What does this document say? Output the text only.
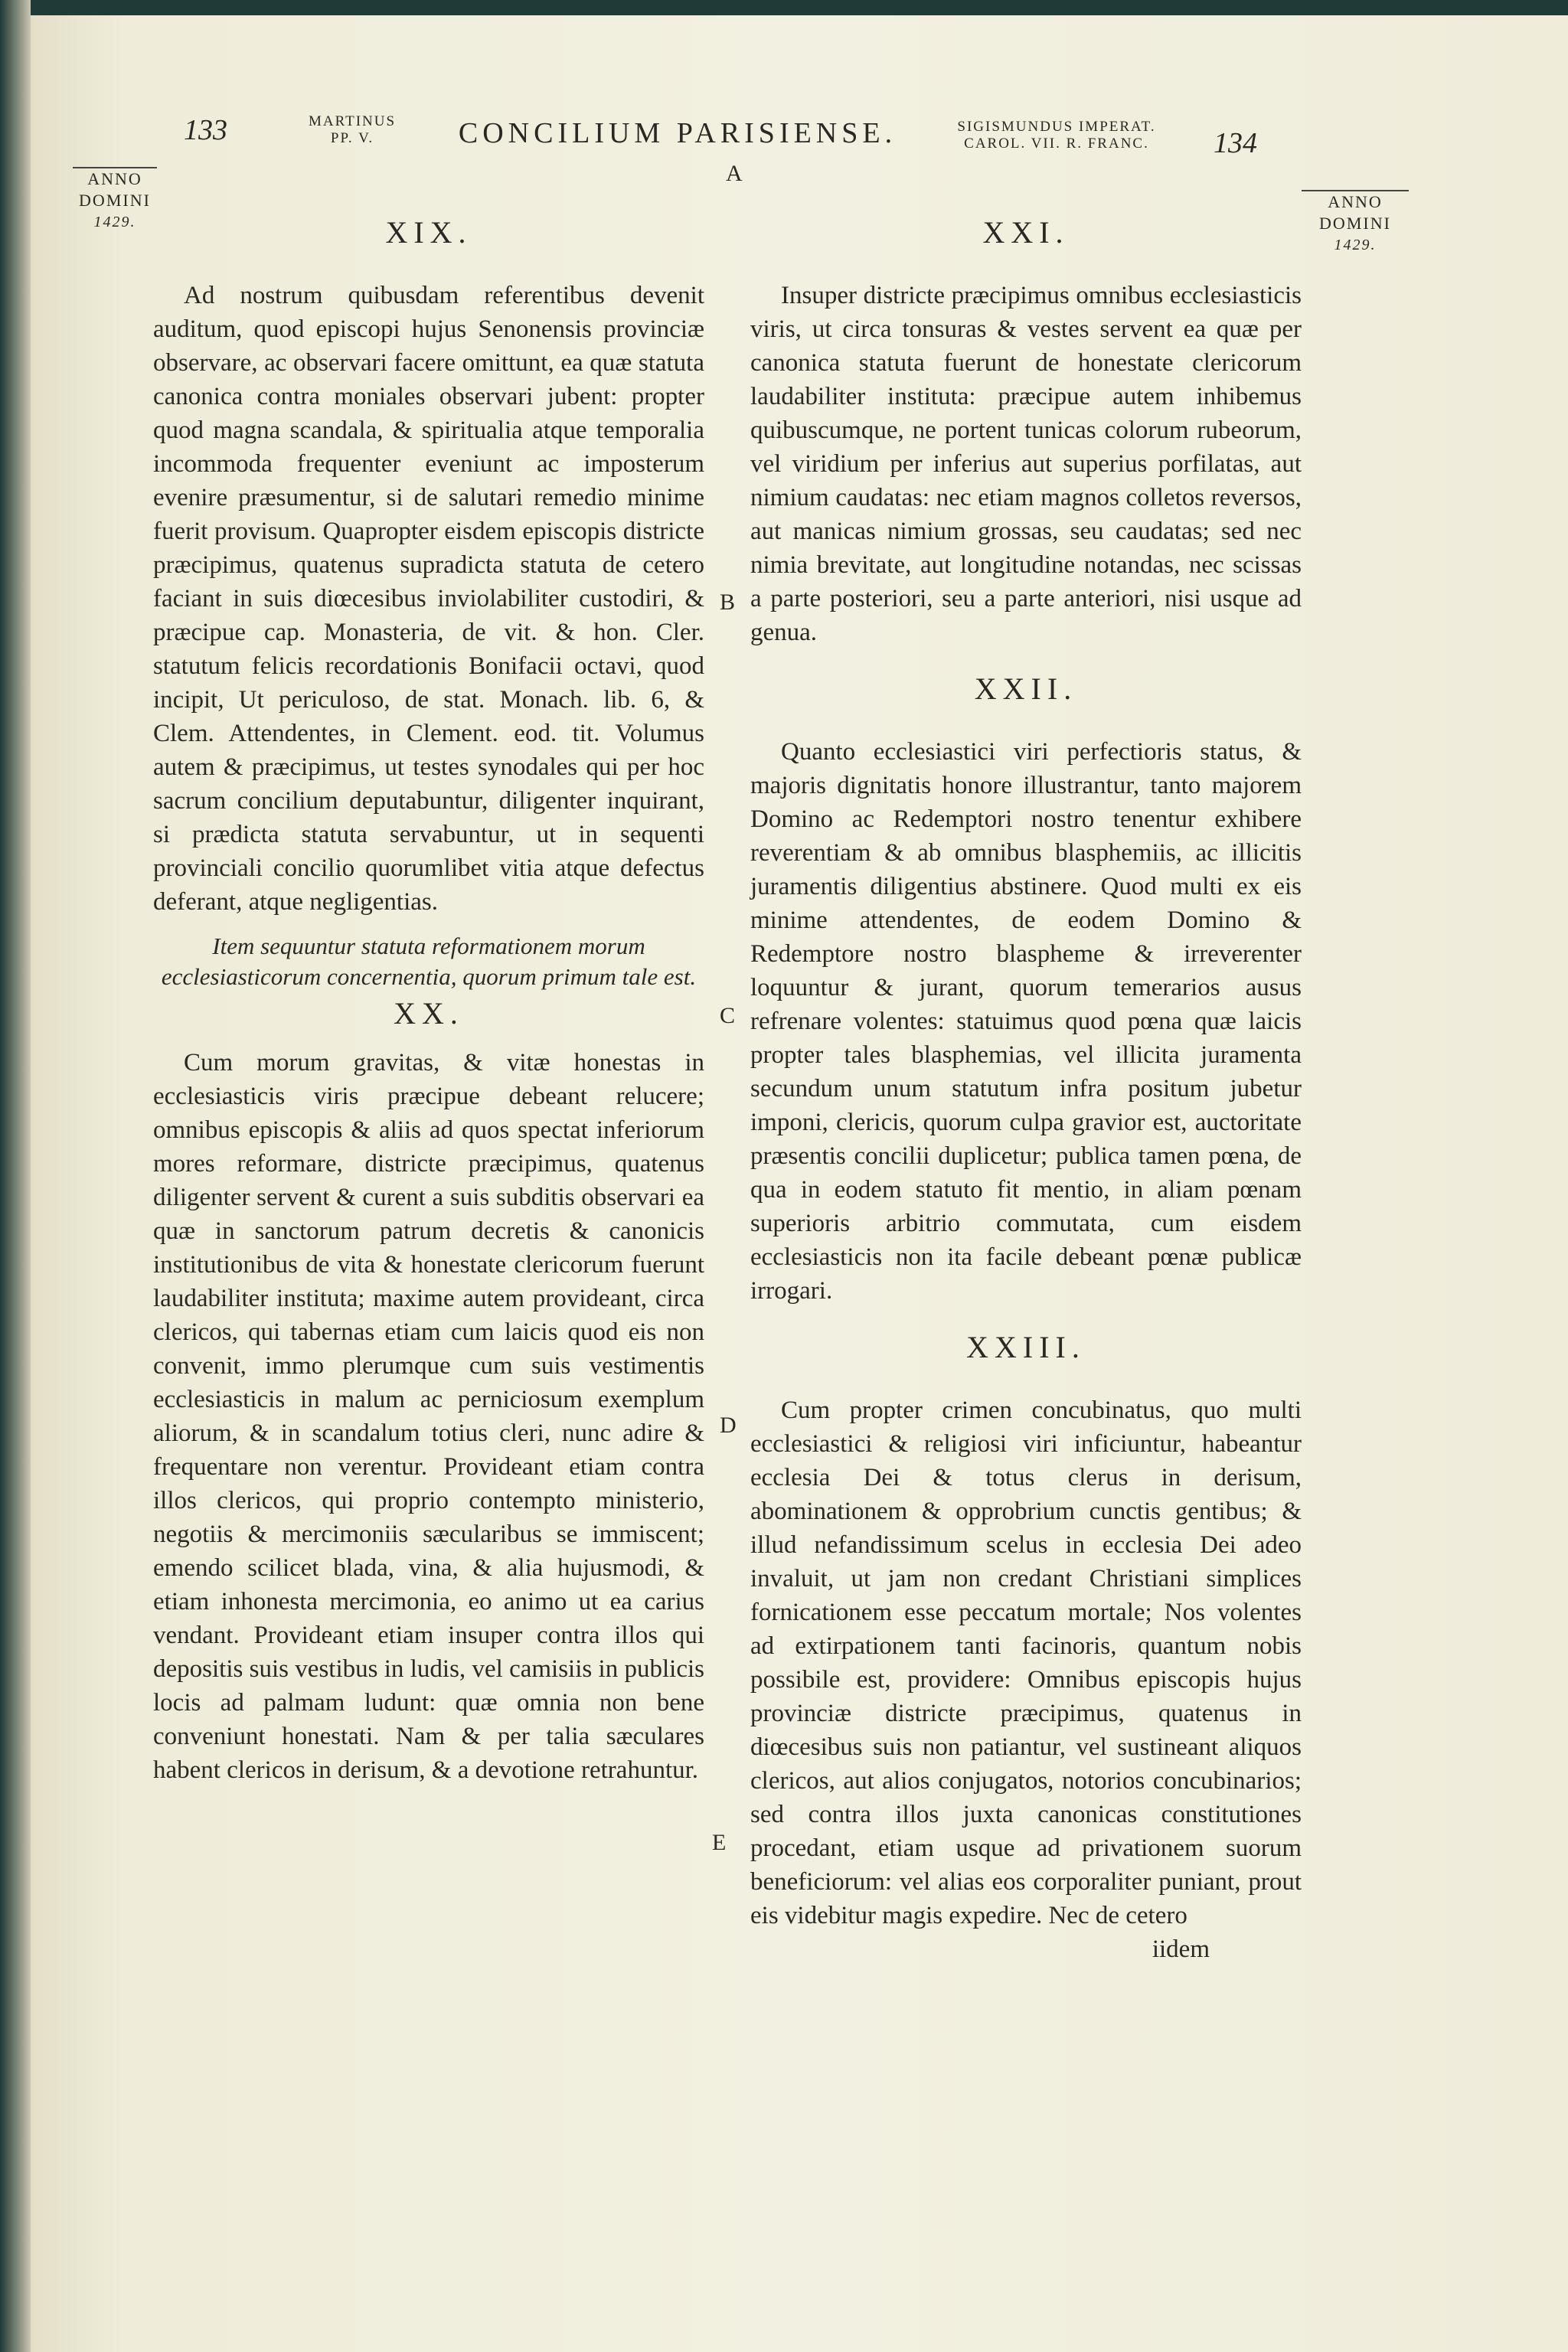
133	MARTINUS
PP. V.	CONCILIUM PARISIENSE.	SIGISMUNDUS IMPERAT.
CAROL. VII. R. FRANC.	134
A
ANNO
DOMINI
1429.
ANNO
DOMINI
1429.
B
C
D
E
XIX.

Ad nostrum quibusdam referentibus devenit auditum, quod episcopi hujus Senonensis provinciæ observare, ac observari facere omittunt, ea quæ statuta canonica contra moniales observari jubent: propter quod magna scandala, & spiritualia atque temporalia incommoda frequenter eveniunt ac imposterum evenire præsumentur, si de salutari remedio minime fuerit provisum. Quapropter eisdem episcopis districte præcipimus, quatenus supradicta statuta de cetero faciant in suis diœcesibus inviolabiliter custodiri, & præcipue cap. Monasteria, de vit. & hon. Cler. statutum felicis recordationis Bonifacii octavi, quod incipit, Ut periculoso, de stat. Monach. lib. 6, & Clem. Attendentes, in Clement. eod. tit. Volumus autem & præcipimus, ut testes synodales qui per hoc sacrum concilium deputabuntur, diligenter inquirant, si prædicta statuta servabuntur, ut in sequenti provinciali concilio quorumlibet vitia atque defectus deferant, atque negligentias.

Item sequuntur statuta reformationem morum ecclesiasticorum concernentia, quorum primum tale est.
XX.

Cum morum gravitas, & vitæ honestas in ecclesiasticis viris præcipue debeant relucere; omnibus episcopis & aliis ad quos spectat inferiorum mores reformare, districte præcipimus, quatenus diligenter servent & curent a suis subditis observari ea quæ in sanctorum patrum decretis & canonicis institutionibus de vita & honestate clericorum fuerunt laudabiliter instituta; maxime autem provideant, circa clericos, qui tabernas etiam cum laicis quod eis non convenit, immo plerumque cum suis vestimentis ecclesiasticis in malum ac perniciosum exemplum aliorum, & in scandalum totius cleri, nunc adire & frequentare non verentur. Provideant etiam contra illos clericos, qui proprio contempto ministerio, negotiis & mercimoniis sæcularibus se immiscent; emendo scilicet blada, vina, & alia hujusmodi, & etiam inhonesta mercimonia, eo animo ut ea carius vendant. Provideant etiam insuper contra illos qui depositis suis vestibus in ludis, vel camisiis in publicis locis ad palmam ludunt: quæ omnia non bene conveniunt honestati. Nam & per talia sæculares habent clericos in derisum, & a devotione retrahuntur.

XXI.

Insuper districte præcipimus omnibus ecclesiasticis viris, ut circa tonsuras & vestes servent ea quæ per canonica statuta fuerunt de honestate clericorum laudabiliter instituta: præcipue autem inhibemus quibuscumque, ne portent tunicas colorum rubeorum, vel viridium per inferius aut superius porfilatas, aut nimium caudatas: nec etiam magnos colletos reversos, aut manicas nimium grossas, seu caudatas; sed nec nimia brevitate, aut longitudine notandas, nec scissas a parte posteriori, seu a parte anteriori, nisi usque ad genua.

XXII.

Quanto ecclesiastici viri perfectioris status, & majoris dignitatis honore illustrantur, tanto majorem Domino ac Redemptori nostro tenentur exhibere reverentiam & ab omnibus blasphemiis, ac illicitis juramentis diligentius abstinere. Quod multi ex eis minime attendentes, de eodem Domino & Redemptore nostro blaspheme & irreverenter loquuntur & jurant, quorum temerarios ausus refrenare volentes: statuimus quod pœna quæ laicis propter tales blasphemias, vel illicita juramenta secundum unum statutum infra positum jubetur imponi, clericis, quorum culpa gravior est, auctoritate præsentis concilii duplicetur; publica tamen pœna, de qua in eodem statuto fit mentio, in aliam pœnam superioris arbitrio commutata, cum eisdem ecclesiasticis non ita facile debeant pœnæ publicæ irrogari.

XXIII.

Cum propter crimen concubinatus, quo multi ecclesiastici & religiosi viri inficiuntur, habeantur ecclesia Dei & totus clerus in derisum, abominationem & opprobrium cunctis gentibus; & illud nefandissimum scelus in ecclesia Dei adeo invaluit, ut jam non credant Christiani simplices fornicationem esse peccatum mortale; Nos volentes ad extirpationem tanti facinoris, quantum nobis possibile est, providere: Omnibus episcopis hujus provinciæ districte præcipimus, quatenus in diœcesibus suis non patiantur, vel sustineant aliquos clericos, aut alios conjugatos, notorios concubinarios; sed contra illos juxta canonicas constitutiones procedant, etiam usque ad privationem suorum beneficiorum: vel alias eos corporaliter puniant, prout eis videbitur magis expedire. Nec de cetero

iidem
